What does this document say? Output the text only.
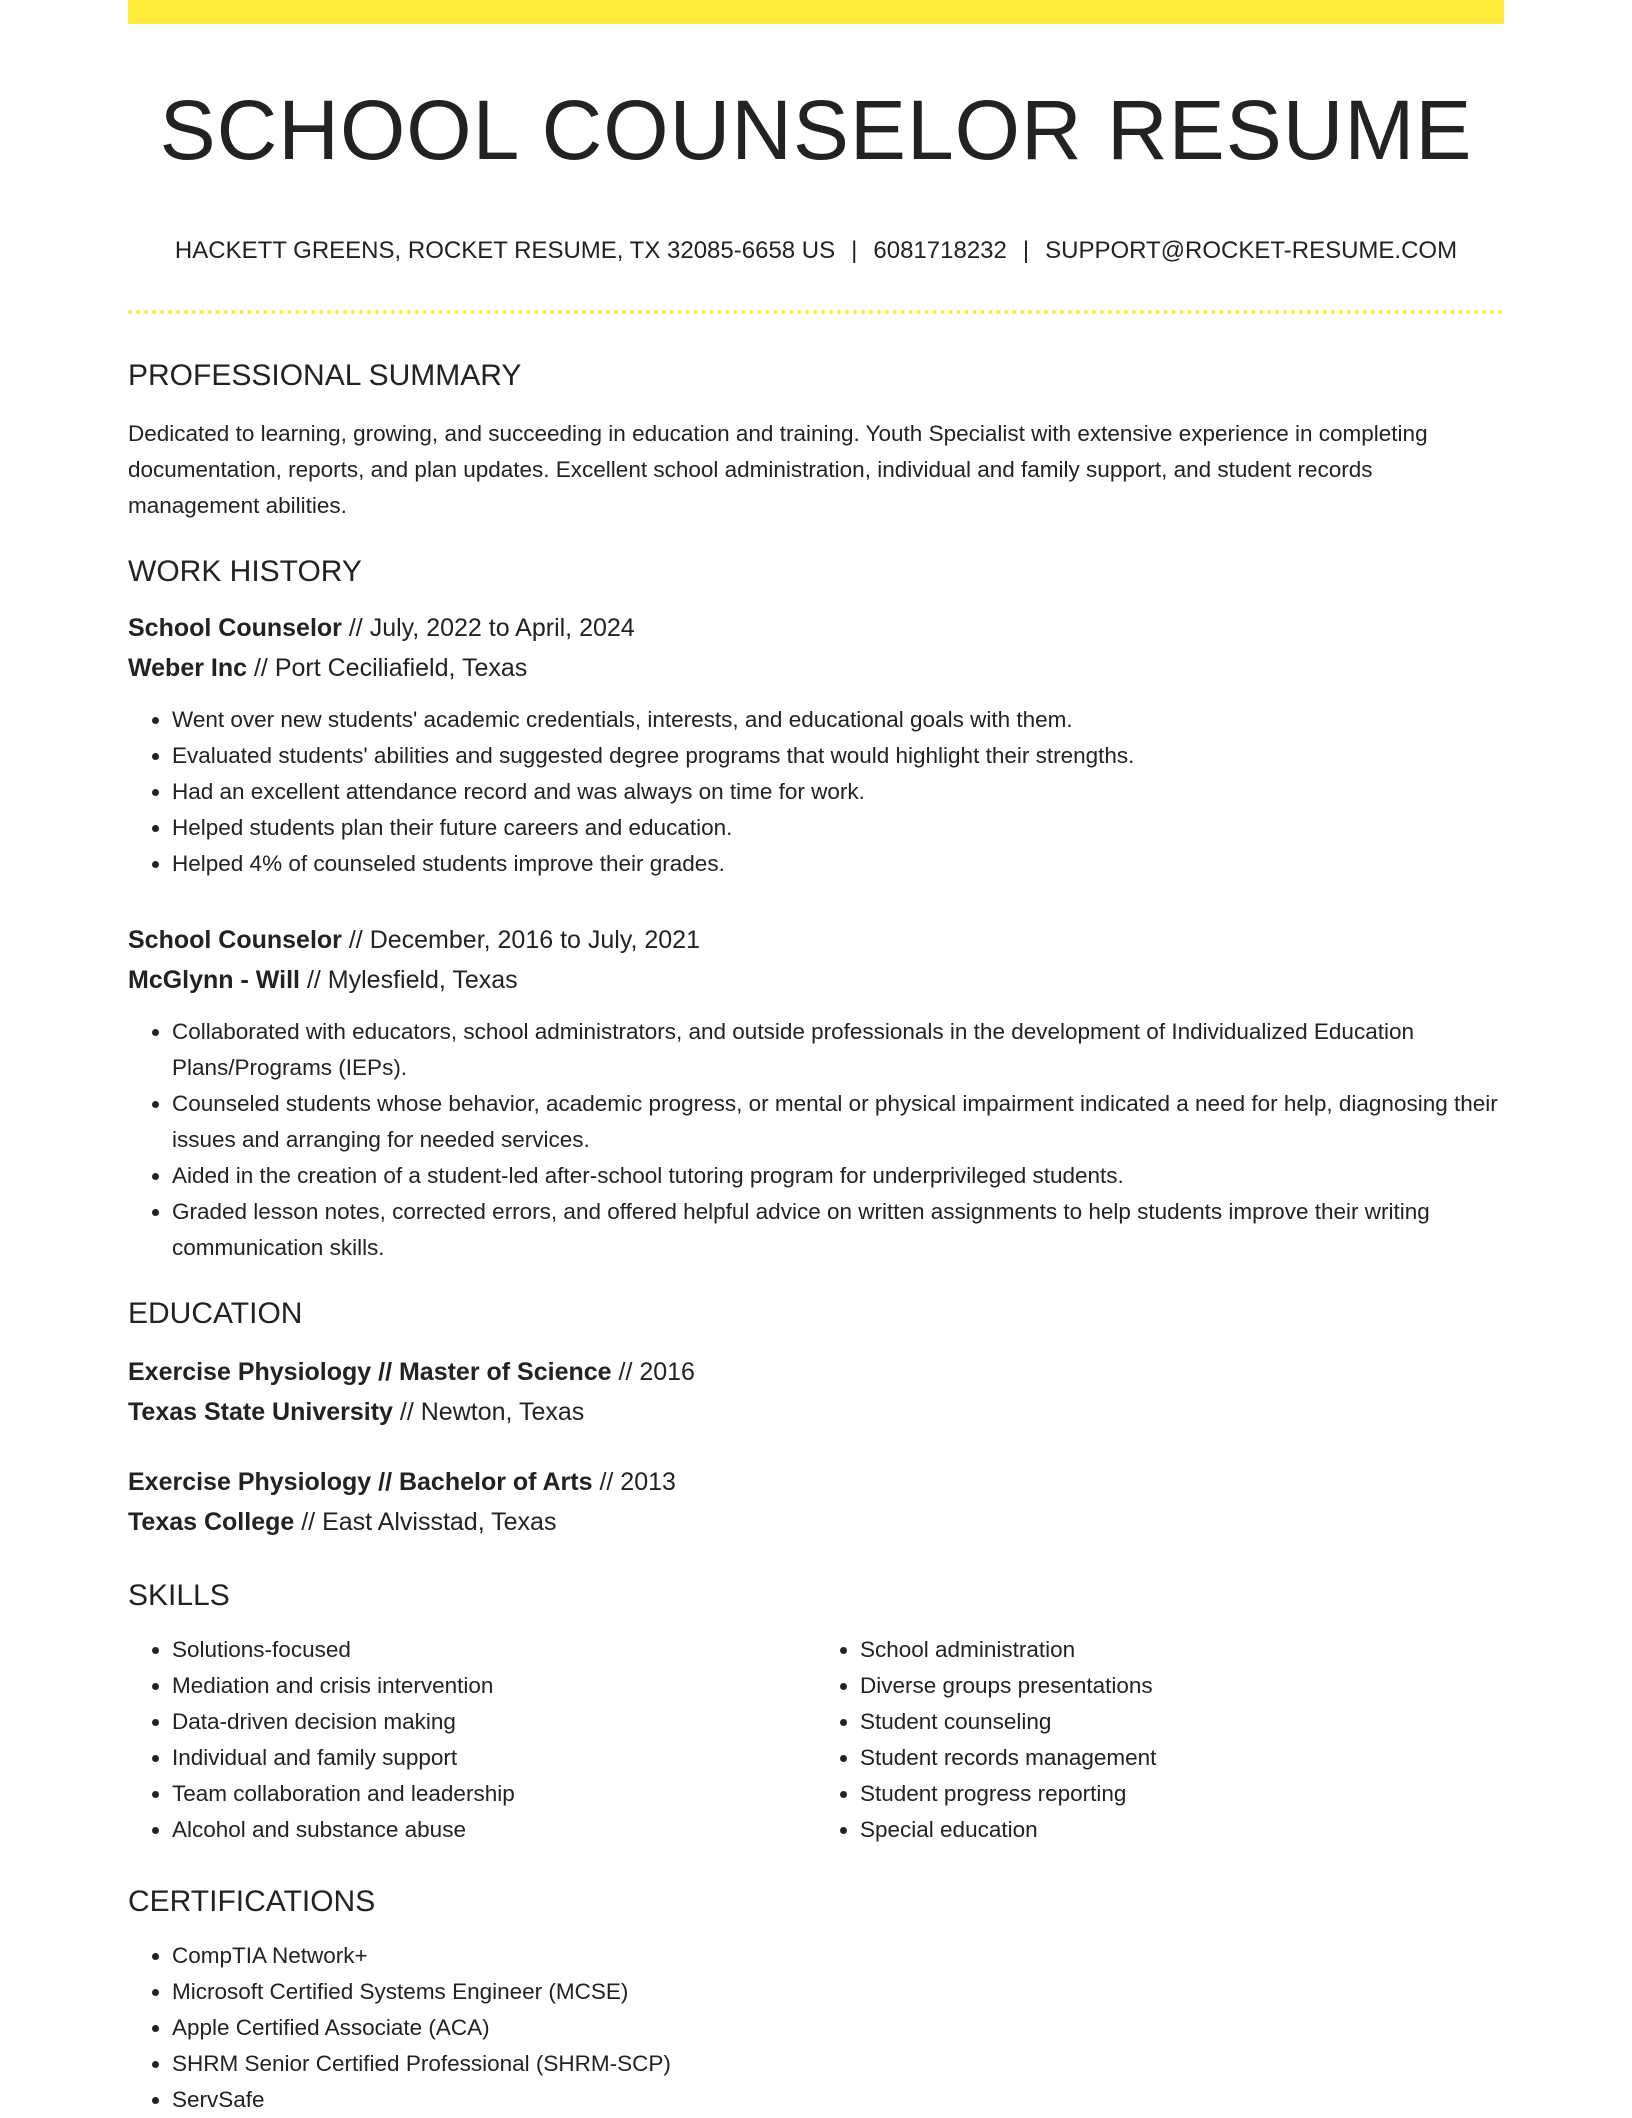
SCHOOL COUNSELOR RESUME
HACKETT GREENS, ROCKET RESUME, TX 32085-6658 US | 6081718232 | SUPPORT@ROCKET-RESUME.COM
PROFESSIONAL SUMMARY
Dedicated to learning, growing, and succeeding in education and training. Youth Specialist with extensive experience in completing documentation, reports, and plan updates. Excellent school administration, individual and family support, and student records management abilities.
WORK HISTORY
School Counselor // July, 2022 to April, 2024
Weber Inc // Port Ceciliafield, Texas
• Went over new students' academic credentials, interests, and educational goals with them.
• Evaluated students' abilities and suggested degree programs that would highlight their strengths.
• Had an excellent attendance record and was always on time for work.
• Helped students plan their future careers and education.
• Helped 4% of counseled students improve their grades.
School Counselor // December, 2016 to July, 2021
McGlynn - Will // Mylesfield, Texas
• Collaborated with educators, school administrators, and outside professionals in the development of Individualized Education Plans/Programs (IEPs).
• Counseled students whose behavior, academic progress, or mental or physical impairment indicated a need for help, diagnosing their issues and arranging for needed services.
• Aided in the creation of a student-led after-school tutoring program for underprivileged students.
• Graded lesson notes, corrected errors, and offered helpful advice on written assignments to help students improve their writing communication skills.
EDUCATION
Exercise Physiology // Master of Science // 2016
Texas State University // Newton, Texas
Exercise Physiology // Bachelor of Arts // 2013
Texas College // East Alvisstad, Texas
SKILLS
• Solutions-focused
• Mediation and crisis intervention
• Data-driven decision making
• Individual and family support
• Team collaboration and leadership
• Alcohol and substance abuse
• School administration
• Diverse groups presentations
• Student counseling
• Student records management
• Student progress reporting
• Special education
CERTIFICATIONS
• CompTIA Network+
• Microsoft Certified Systems Engineer (MCSE)
• Apple Certified Associate (ACA)
• SHRM Senior Certified Professional (SHRM-SCP)
• ServSafe
